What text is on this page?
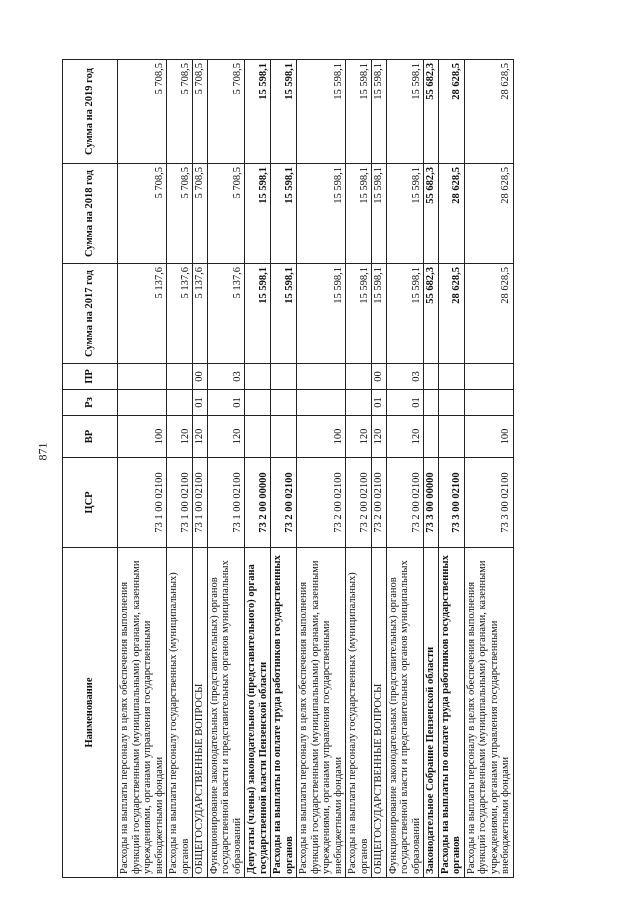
871
Наименование	ЦСР	ВР	Рз	ПР	Сумма на 2017 год	Сумма на 2018 год	Сумма на 2019 год
Расходы на выплаты персоналу в целях обеспечения выполнения функций государственными (муниципальными) органами, казенными учреждениями, органами управления государственными внебюджетными фондами	73 1 00 02100	100			5 137,6	5 708,5	5 708,5
Расходы на выплаты персоналу государственных (муниципальных) органов	73 1 00 02100	120			5 137,6	5 708,5	5 708,5
ОБЩЕГОСУДАРСТВЕННЫЕ ВОПРОСЫ	73 1 00 02100	120	01	00	5 137,6	5 708,5	5 708,5
Функционирование законодательных (представительных) органов государственной власти и представительных органов муниципальных образований	73 1 00 02100	120	01	03	5 137,6	5 708,5	5 708,5
Депутаты (члены) законодательного (представительного) органа государственной власти Пензенской области	73 2 00 00000				15 598,1	15 598,1	15 598,1
Расходы на выплаты по оплате труда работников государственных органов	73 2 00 02100				15 598,1	15 598,1	15 598,1
Расходы на выплаты персоналу в целях обеспечения выполнения функций государственными (муниципальными) органами, казенными учреждениями, органами управления государственными внебюджетными фондами	73 2 00 02100	100			15 598,1	15 598,1	15 598,1
Расходы на выплаты персоналу государственных (муниципальных) органов	73 2 00 02100	120			15 598,1	15 598,1	15 598,1
ОБЩЕГОСУДАРСТВЕННЫЕ ВОПРОСЫ	73 2 00 02100	120	01	00	15 598,1	15 598,1	15 598,1
Функционирование законодательных (представительных) органов государственной власти и представительных органов муниципальных образований	73 2 00 02100	120	01	03	15 598,1	15 598,1	15 598,1
Законодательное Собрание Пензенской области	73 3 00 00000				55 682,3	55 682,3	55 682,3
Расходы на выплаты по оплате труда работников государственных органов	73 3 00 02100				28 628,5	28 628,5	28 628,5
Расходы на выплаты персоналу в целях обеспечения выполнения функций государственными (муниципальными) органами, казенными учреждениями, органами управления государственными внебюджетными фондами	73 3 00 02100	100			28 628,5	28 628,5	28 628,5
